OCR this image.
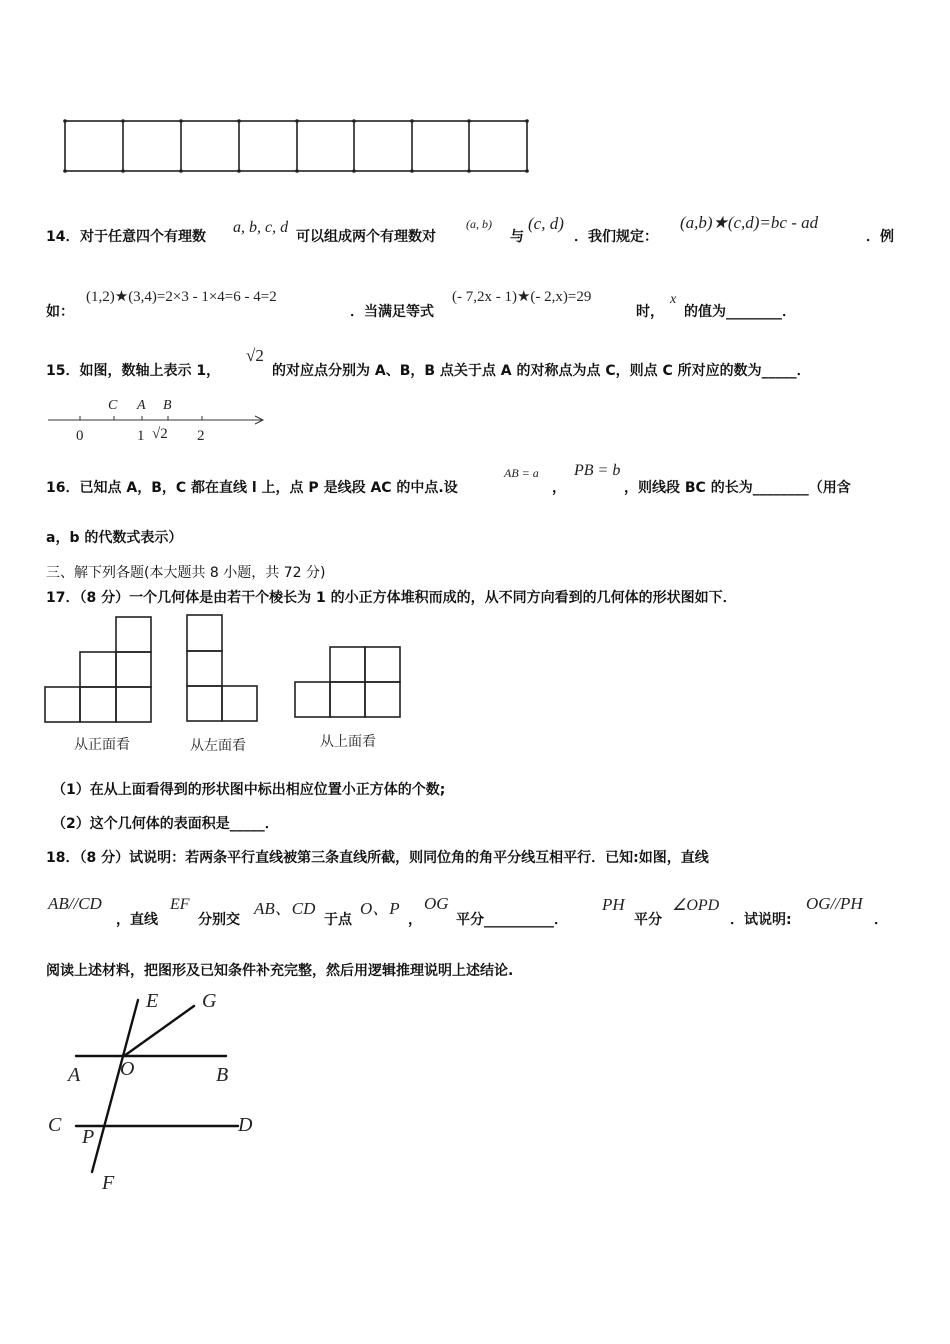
14． 对于任意四个有理数
a, b, c, d
可以组成两个有理数对
(a, b)
与
(c, d)
．我们规定：
(a,b)★(c,d)=bc - ad
．例
如：
(1,2)★(3,4)=2×3 - 1×4=6 - 4=2
．当满足等式
(- 7,2x - 1)★(- 2,x)=29
时，
x
的值为________．
15．如图，数轴上表示 1，
√2
的对应点分别为 A、B，B 点关于点 A 的对称点为点 C，则点 C 所对应的数为_____．
C A B
0	1 √2 2
16．已知点 A，B，C 都在直线 l 上，点 P 是线段 AC 的中点.设
AB = a
，
PB = b
，则线段 BC 的长为________（用含
a，b 的代数式表示）
三、解下列各题(本大题共 8 小题，共 72 分)
17．（8 分）一个几何体是由若干个棱长为 1 的小正方体堆积而成的，从不同方向看到的几何体的形状图如下．
从正面看	从左面看	从上面看
（1）在从上面看得到的形状图中标出相应位置小正方体的个数;
（2）这个几何体的表面积是_____．
18．（8 分）试说明：若两条平行直线被第三条直线所截，则同位角的角平分线互相平行．已知:如图，直线
AB//CD
，直线
EF
分别交
AB、CD
于点
O、P
，
OG
平分__________．
PH
平分
∠OPD
．试说明:
OG//PH
．
阅读上述材料，把图形及已知条件补充完整，然后用逻辑推理说明上述结论.
E G
A O	B
C
P
D
F
